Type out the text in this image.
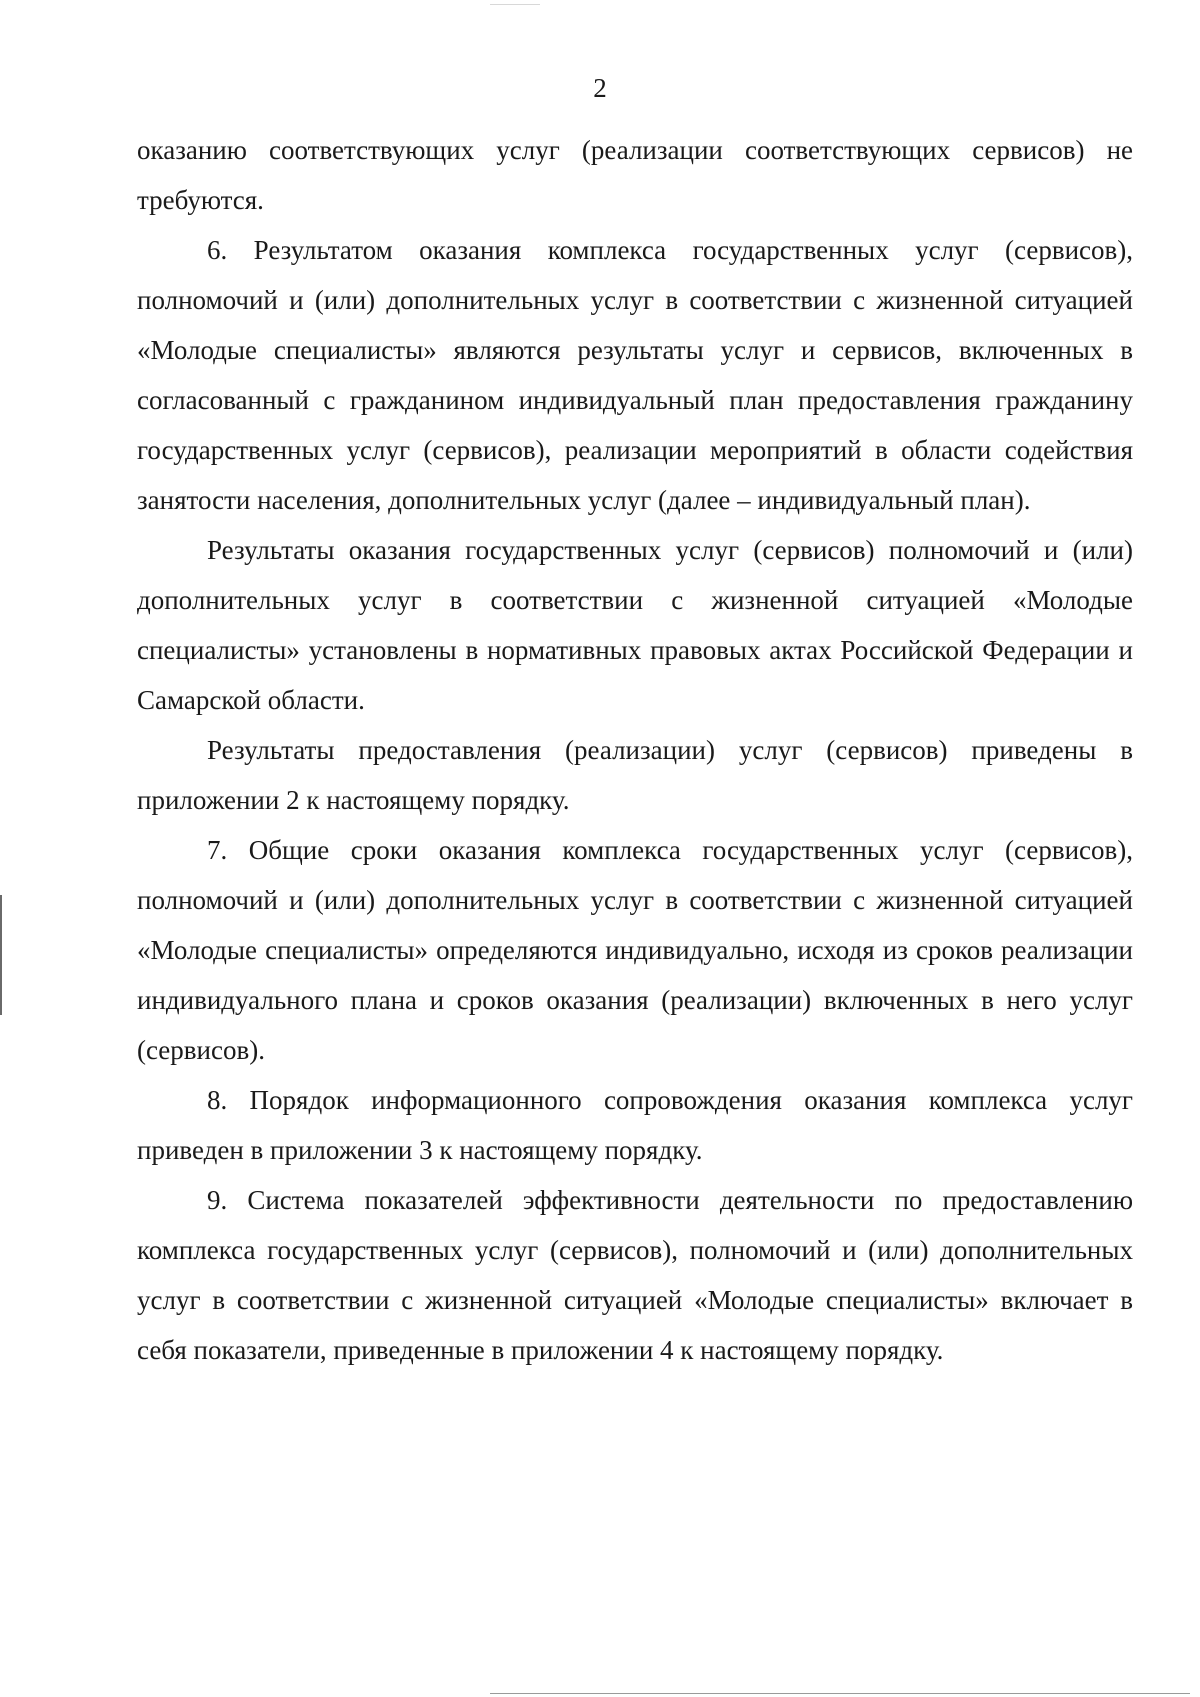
2

оказанию соответствующих услуг (реализации соответствующих сервисов) не требуются.

6. Результатом оказания комплекса государственных услуг (сервисов), полномочий и (или) дополнительных услуг в соответствии с жизненной ситуацией «Молодые специалисты» являются результаты услуг и сервисов, включенных в согласованный с гражданином индивидуальный план предоставления гражданину государственных услуг (сервисов), реализации мероприятий в области содействия занятости населения, дополнительных услуг (далее – индивидуальный план).

Результаты оказания государственных услуг (сервисов) полномочий и (или) дополнительных услуг в соответствии с жизненной ситуацией «Молодые специалисты» установлены в нормативных правовых актах Российской Федерации и Самарской области.

Результаты предоставления (реализации) услуг (сервисов) приведены в приложении 2 к настоящему порядку.

7. Общие сроки оказания комплекса государственных услуг (сервисов), полномочий и (или) дополнительных услуг в соответствии с жизненной ситуацией «Молодые специалисты» определяются индивидуально, исходя из сроков реализации индивидуального плана и сроков оказания (реализации) включенных в него услуг (сервисов).

8. Порядок информационного сопровождения оказания комплекса услуг приведен в приложении 3 к настоящему порядку.

9. Система показателей эффективности деятельности по предоставлению комплекса государственных услуг (сервисов), полномочий и (или) дополнительных услуг в соответствии с жизненной ситуацией «Молодые специалисты» включает в себя показатели, приведенные в приложении 4 к настоящему порядку.
